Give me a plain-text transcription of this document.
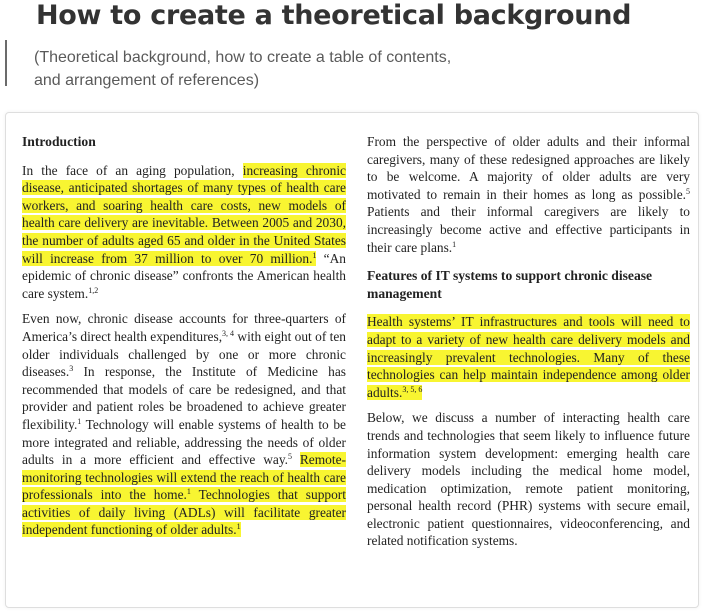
How to create a theoretical background
(Theoretical background, how to create a table of contents,
and arrangement of references)
Introduction

In the face of an aging population, increasing chronic disease, anticipated shortages of many types of health care workers, and soaring health care costs, new models of health care delivery are inevitable. Between 2005 and 2030, the number of adults aged 65 and older in the United States will increase from 37 million to over 70 million.$^1$ “An epidemic of chronic disease” confronts the American health care system.$^{1,2}$

Even now, chronic disease accounts for three-quarters of America’s direct health expenditures,$^{3, 4}$ with eight out of ten older individuals challenged by one or more chronic diseases.$^3$ In response, the Institute of Medicine has recommended that models of care be redesigned, and that provider and patient roles be broadened to achieve greater flexibility.$^1$ Technology will enable systems of health to be more integrated and reliable, addressing the needs of older adults in a more efficient and effective way.$^5$ Remote-monitoring technologies will extend the reach of health care professionals into the home.$^1$ Technologies that support activities of daily living (ADLs) will facilitate greater independent functioning of older adults.$^1$

From the perspective of older adults and their informal caregivers, many of these redesigned approaches are likely to be welcome. A majority of older adults are very motivated to remain in their homes as long as possible.$^5$ Patients and their informal caregivers are likely to increasingly become active and effective participants in their care plans.$^1$

Features of IT systems to support chronic disease management

Health systems’ IT infrastructures and tools will need to adapt to a variety of new health care delivery models and increasingly prevalent technologies. Many of these technologies can help maintain independence among older adults.$^{3, 5, 6}$

Below, we discuss a number of interacting health care trends and technologies that seem likely to influence future information system development: emerging health care delivery models including the medical home model, medication optimization, remote patient monitoring, personal health record (PHR) systems with secure email, electronic patient questionnaires, videoconferencing, and related notification systems.
